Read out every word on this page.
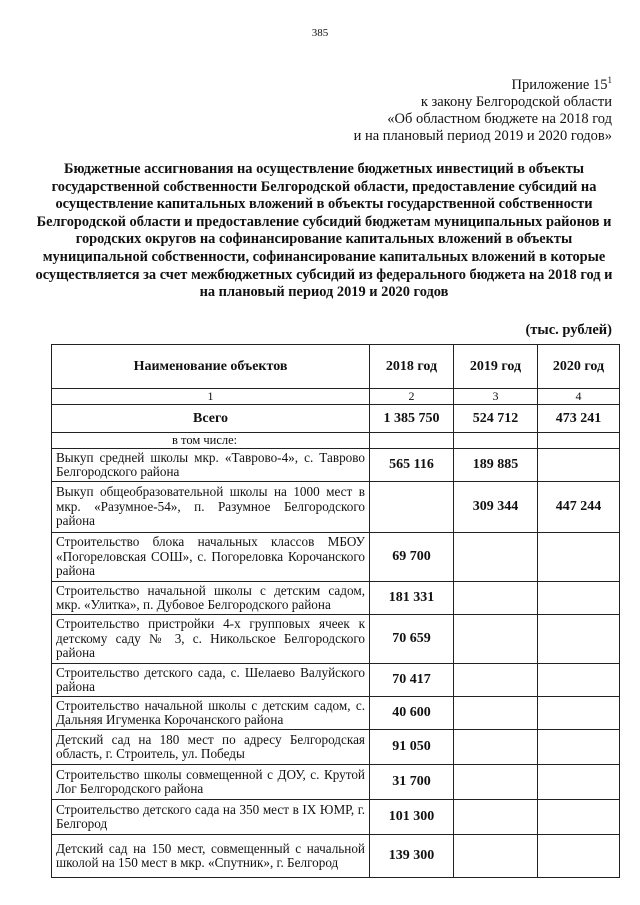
385
Приложение $15^1$
к закону Белгородской области
«Об областном бюджете на 2018 год
и на плановый период 2019 и 2020 годов»
Бюджетные ассигнования на осуществление бюджетных инвестиций в объекты государственной собственности Белгородской области, предоставление субсидий на осуществление капитальных вложений в объекты государственной собственности Белгородской области и предоставление субсидий бюджетам муниципальных районов и городских округов на софинансирование капитальных вложений в объекты муниципальной собственности, софинансирование капитальных вложений в которые осуществляется за счет межбюджетных субсидий из федерального бюджета на 2018 год и на плановый период 2019 и 2020 годов
(тыс. рублей)
Наименование объектов	2018 год	2019 год	2020 год
1	2	3	4
Всего	1 385 750	524 712	473 241
в том числе:			
Выкуп средней школы мкр. «Таврово-4», с. Таврово Белгородского района	565 116	189 885	
Выкуп общеобразовательной школы на 1000 мест в мкр. «Разумное-54», п. Разумное Белгородского района		309 344	447 244
Строительство блока начальных классов МБОУ «Погореловская СОШ», с. Погореловка Корочанского района	69 700		
Строительство начальной школы с детским садом, мкр. «Улитка», п. Дубовое Белгородского района	181 331		
Строительство пристройки 4-х групповых ячеек к детскому саду № 3, с. Никольское Белгородского района	70 659		
Строительство детского сада, с. Шелаево Валуйского района	70 417		
Строительство начальной школы с детским садом, с. Дальняя Игуменка Корочанского района	40 600		
Детский сад на 180 мест по адресу Белгородская область, г. Строитель, ул. Победы	91 050		
Строительство школы совмещенной с ДОУ, с. Крутой Лог Белгородского района	31 700		
Строительство детского сада на 350 мест в IX ЮМР, г. Белгород	101 300		
Детский сад на 150 мест, совмещенный с начальной школой на 150 мест в мкр. «Спутник», г. Белгород	139 300		
